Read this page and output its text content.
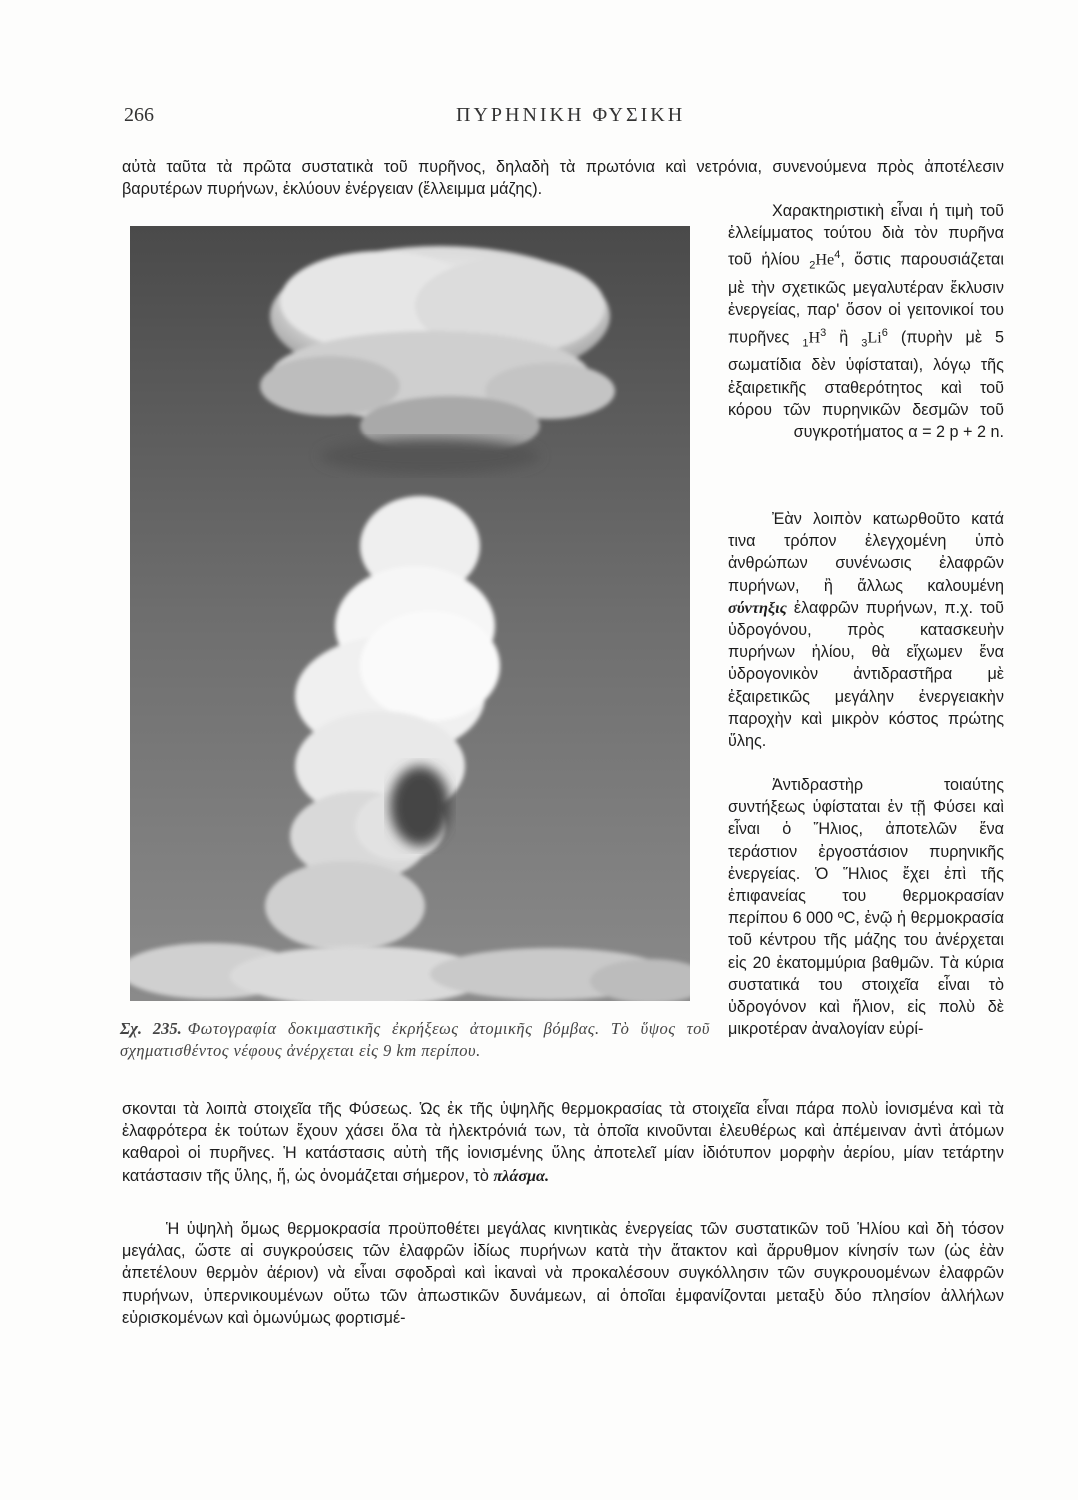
266	ΠΥΡΗΝΙΚΗ ΦΥΣΙΚΗ

αὐτὰ ταῦτα τὰ πρῶτα συστατικὰ τοῦ πυρῆνος, δηλαδὴ τὰ πρωτόνια καὶ νετρόνια, συνενούμενα πρὸς ἀποτέλεσιν βαρυτέρων πυρήνων, ἐκλύουν ἐνέργειαν (ἔλλειμμα μάζης).

Χαρακτηριστικὴ εἶναι ἡ τιμὴ τοῦ ἐλλείμματος τούτου διὰ τὸν πυρῆνα τοῦ ἡλίου $_2He^4$, ὅστις παρουσιάζεται μὲ τὴν σχετικῶς μεγαλυτέραν ἔκλυσιν ἐνεργείας, παρ' ὅσον οἱ γειτονικοί του πυρῆνες $_1H^3$ ἢ $_3Li^6$ (πυρὴν μὲ 5 σωματίδια δὲν ὑφίσταται), λόγῳ τῆς ἐξαιρετικῆς σταθερότητος καὶ τοῦ κόρου τῶν πυρηνικῶν δεσμῶν τοῦ συγκροτήματος α = 2 p + 2 n.

Ἐὰν λοιπὸν κατωρθοῦτο κατά τινα τρόπον ἐλεγχομένη ὑπὸ ἀνθρώπων συνένωσις ἐλαφρῶν πυρήνων, ἢ ἄλλως καλουμένη σύντηξις ἐλαφρῶν πυρήνων, π.χ. τοῦ ὑδρογόνου, πρὸς κατασκευὴν πυρήνων ἡλίου, θὰ εἴχωμεν ἕνα ὑδρογονικὸν ἀντιδραστῆρα μὲ ἐξαιρετικῶς μεγάλην ἐνεργειακὴν παροχὴν καὶ μικρὸν κόστος πρώτης ὕλης.

Ἀντιδραστὴρ τοιαύτης συντήξεως ὑφίσταται ἐν τῇ Φύσει καὶ εἶναι ὁ Ἥλιος, ἀποτελῶν ἕνα τεράστιον ἐργοστάσιον πυρηνικῆς ἐνεργείας. Ὁ Ἥλιος ἔχει ἐπὶ τῆς ἐπιφανείας του θερμοκρασίαν περίπου 6 000 ºC, ἐνῷ ἡ θερμοκρασία τοῦ κέντρου τῆς μάζης του ἀνέρχεται εἰς 20 ἑκατομμύρια βαθμῶν. Τὰ κύρια συστατικά του στοιχεῖα εἶναι τὸ ὑδρογόνον καὶ ἥλιον, εἰς πολὺ δὲ μικροτέραν ἀναλογίαν εὑρί-

Σχ. 235. Φωτογραφία δοκιμαστικῆς ἐκρήξεως ἀτομικῆς βόμβας. Τὸ ὕψος τοῦ σχηματισθέντος νέφους ἀνέρχεται εἰς 9 km περίπου.

σκονται τὰ λοιπὰ στοιχεῖα τῆς Φύσεως. Ὡς ἐκ τῆς ὑψηλῆς θερμοκρασίας τὰ στοιχεῖα εἶναι πάρα πολὺ ἰονισμένα καὶ τὰ ἐλαφρότερα ἐκ τούτων ἔχουν χάσει ὅλα τὰ ἠλεκτρόνιά των, τὰ ὁποῖα κινοῦνται ἐλευθέρως καὶ ἀπέμειναν ἀντὶ ἀτόμων καθαροὶ οἱ πυρῆνες. Ἡ κατάστασις αὐτὴ τῆς ἰονισμένης ὕλης ἀποτελεῖ μίαν ἰδιότυπον μορφὴν ἀερίου, μίαν τετάρτην κατάστασιν τῆς ὕλης, ἥ, ὡς ὀνομάζεται σήμερον, τὸ πλάσμα.

Ἡ ὑψηλὴ ὅμως θερμοκρασία προϋποθέτει μεγάλας κινητικὰς ἐνεργείας τῶν συστατικῶν τοῦ Ἡλίου καὶ δὴ τόσον μεγάλας, ὥστε αἱ συγκρούσεις τῶν ἐλαφρῶν ἰδίως πυρήνων κατὰ τὴν ἄτακτον καὶ ἄρρυθμον κίνησίν των (ὡς ἐὰν ἀπετέλουν θερμὸν ἀέριον) νὰ εἶναι σφοδραὶ καὶ ἱκαναὶ νὰ προκαλέσουν συγκόλλησιν τῶν συγκρουομένων ἐλαφρῶν πυρήνων, ὑπερνικουμένων οὕτω τῶν ἀπωστικῶν δυνάμεων, αἱ ὁποῖαι ἐμφανίζονται μεταξὺ δύο πλησίον ἀλλήλων εὑρισκομένων καὶ ὁμωνύμως φορτισμέ-
